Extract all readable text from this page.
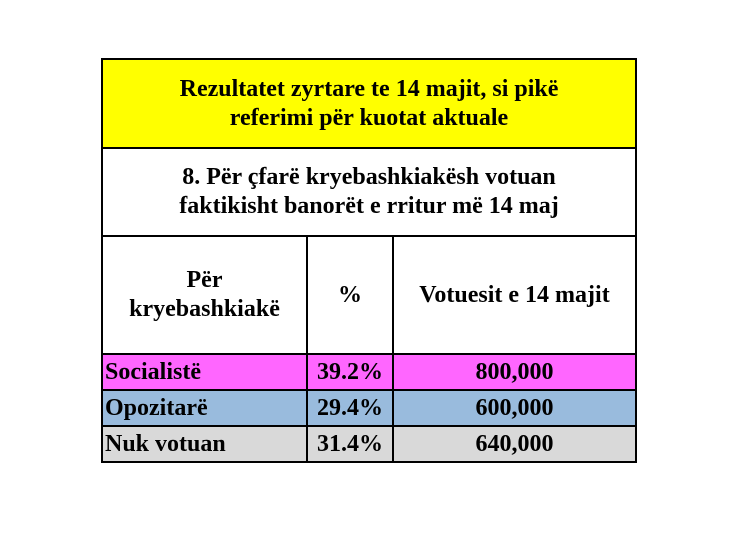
Rezultatet zyrtare te 14 majit, si pikë
referimi për kuotat aktuale		
8. Për çfarë kryebashkiakësh votuan
faktikisht banorët e rritur më 14 maj		
Për
kryebashkiakë	%	Votuesit e 14 majit
Socialistë	39.2%	800,000
Opozitarë	29.4%	600,000
Nuk votuan	31.4%	640,000
